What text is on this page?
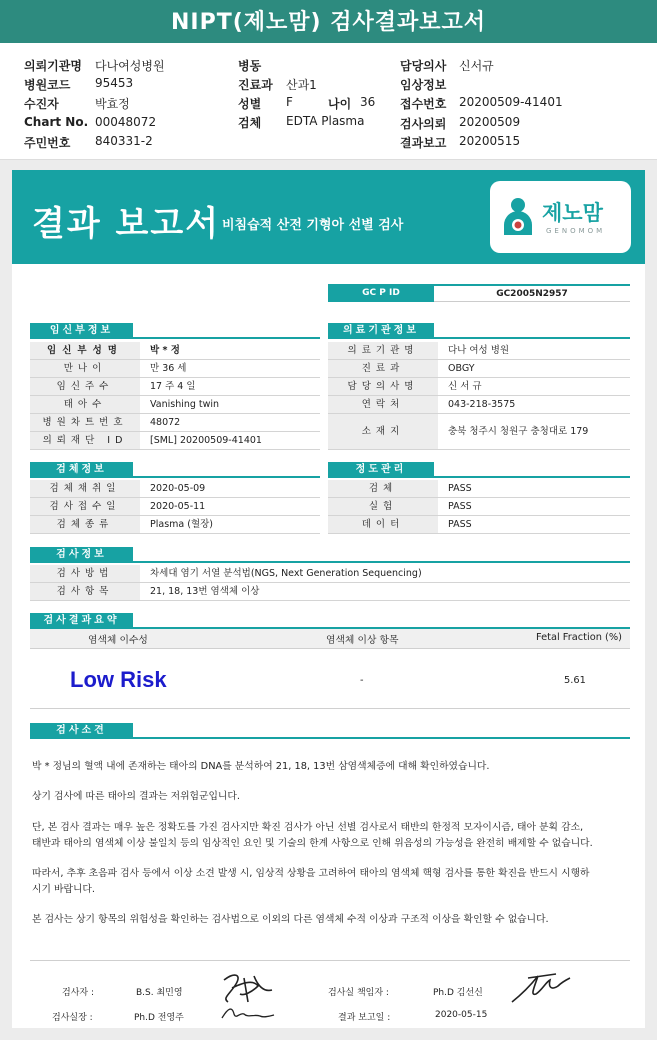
NIPT(제노맘) 검사결과보고서
의뢰기관명 다나여성병원
병원코드 95453
수진자	박효정
Chart No. 00048072
주민번호 840331-2
병동
진료과 산과1
성별 F	나이 36
검체 EDTA Plasma
담당의사 신서규
임상정보
접수번호 20200509-41401
검사의뢰 20200509
결과보고 20200515
결과 보고서 비침습적 산전 기형아 선별 검사
제노맘
GENOMOM
GC P ID	GC2005N2957
임신부정보
임신부성명	박 * 정
만나이	만 36 세
임신주수	17 주 4 일
태아수	Vanishing twin
병원차트번호	48072
의뢰재단 ID	[SML] 20200509-41401
의료기관정보
의료기관명	다나 여성 병원
진료과	OBGY
담당의사명	신 서 규
연락처	043-218-3575
소재지	충북 청주시 청원구 충청대로 179
검체정보
검체채취일	2020-05-09
검사접수일	2020-05-11
검체종류	Plasma (혈장)
정도관리
검체	PASS
실험	PASS
데이터	PASS
검사정보
검사방법	차세대 염기 서열 분석법(NGS, Next Generation Sequencing)
검사항목	21, 18, 13번 염색체 이상
검사결과요약
염색체 이수성	염색체 이상 항목	Fetal Fraction (%)
Low Risk	-	5.61
검사소견
박 * 정님의 혈액 내에 존재하는 태아의 DNA를 분석하여 21, 18, 13번 삼염색체증에 대해 확인하였습니다.
상기 검사에 따른 태아의 결과는 저위험군입니다.
단, 본 검사 결과는 매우 높은 정확도를 가진 검사지만 확진 검사가 아닌 선별 검사로서 태반의 한정적 모자이시즘, 태아 분획 감소,
태반과 태아의 염색체 이상 불일치 등의 임상적인 요인 및 기술의 한계 사항으로 인해 위음성의 가능성을 완전히 배제할 수 없습니다.
따라서, 추후 초음파 검사 등에서 이상 소견 발생 시, 임상적 상황을 고려하여 태아의 염색체 핵형 검사를 통한 확진을 반드시 시행하
시기 바랍니다.
본 검사는 상기 항목의 위험성을 확인하는 검사법으로 이외의 다른 염색체 수적 이상과 구조적 이상을 확인할 수 없습니다.
검사자 :	B.S. 최민영	검사실 책임자 :	Ph.D 김선신
검사실장 :	Ph.D 전영주	결과 보고일 :	2020-05-15
